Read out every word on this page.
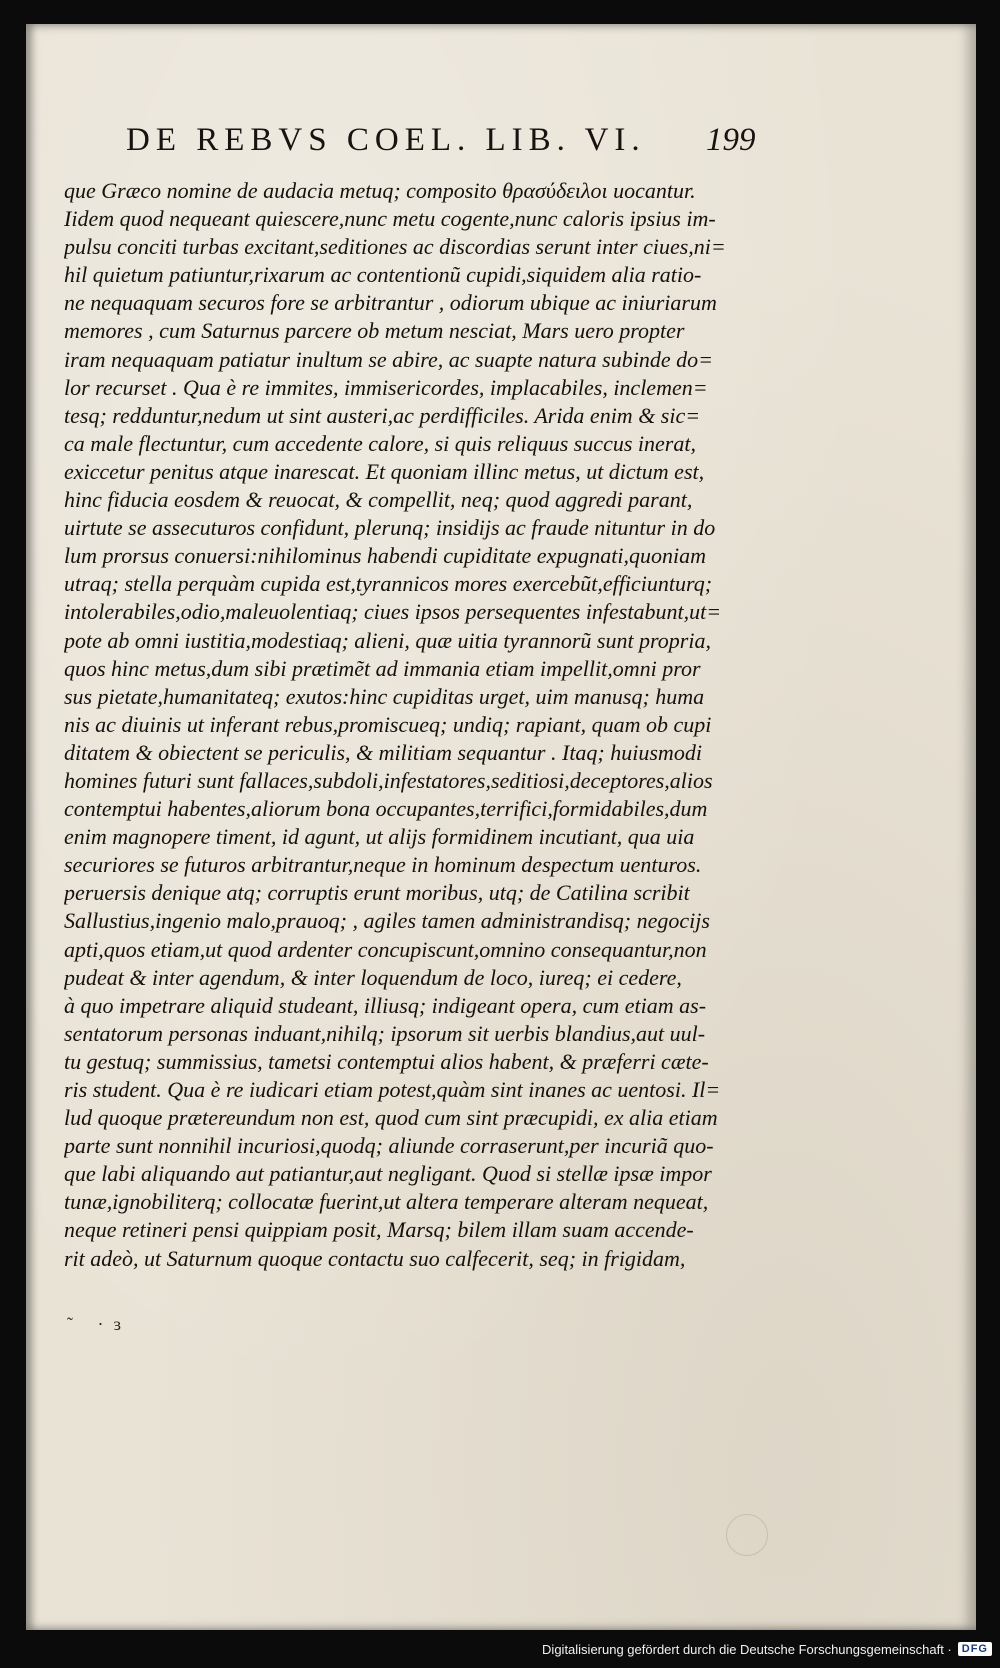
DE REBVS COEL. LIB. VI. 199
que Græco nomine de audacia metuq; composito θρασύδειλοι uocantur.
Iidem quod nequeant quiescere,nunc metu cogente,nunc caloris ipsius im-
pulsu conciti turbas excitant,seditiones ac discordias serunt inter ciues,ni=
hil quietum patiuntur,rixarum ac contentionũ cupidi,siquidem alia ratio-
ne nequaquam securos fore se arbitrantur , odiorum ubique ac iniuriarum
memores , cum Saturnus parcere ob metum nesciat, Mars uero propter
iram nequaquam patiatur inultum se abire, ac suapte natura subinde do=
lor recurset . Qua è re immites, immisericordes, implacabiles, inclemen=
tesq; redduntur,nedum ut sint austeri,ac perdifficiles. Arida enim & sic=
ca male flectuntur, cum accedente calore, si quis reliquus succus inerat,
exiccetur penitus atque inarescat. Et quoniam illinc metus, ut dictum est,
hinc fiducia eosdem & reuocat, & compellit, neq; quod aggredi parant,
uirtute se assecuturos confidunt, plerunq; insidijs ac fraude nituntur in do
lum prorsus conuersi:nihilominus habendi cupiditate expugnati,quoniam
utraq; stella perquàm cupida est,tyrannicos mores exercebũt,efficiunturq;
intolerabiles,odio,maleuolentiaq; ciues ipsos persequentes infestabunt,ut=
pote ab omni iustitia,modestiaq; alieni, quæ uitia tyrannorũ sunt propria,
quos hinc metus,dum sibi prætimẽt ad immania etiam impellit,omni pror
sus pietate,humanitateq; exutos:hinc cupiditas urget, uim manusq; huma
nis ac diuinis ut inferant rebus,promiscueq; undiq; rapiant, quam ob cupi
ditatem & obiectent se periculis, & militiam sequantur . Itaq; huiusmodi
homines futuri sunt fallaces,subdoli,infestatores,seditiosi,deceptores,alios
contemptui habentes,aliorum bona occupantes,terrifici,formidabiles,dum
enim magnopere timent, id agunt, ut alijs formidinem incutiant, qua uia
securiores se futuros arbitrantur,neque in hominum despectum uenturos.
peruersis denique atq; corruptis erunt moribus, utq; de Catilina scribit
Sallustius,ingenio malo,prauoq; , agiles tamen administrandisq; negocijs
apti,quos etiam,ut quod ardenter concupiscunt,omnino consequantur,non
pudeat & inter agendum, & inter loquendum de loco, iureq; ei cedere,
à quo impetrare aliquid studeant, illiusq; indigeant opera, cum etiam as-
sentatorum personas induant,nihilq; ipsorum sit uerbis blandius,aut uul-
tu gestuq; summissius, tametsi contemptui alios habent, & præferri cæte-
ris student. Qua è re iudicari etiam potest,quàm sint inanes ac uentosi. Il=
lud quoque prætereundum non est, quod cum sint præcupidi, ex alia etiam
parte sunt nonnihil incuriosi,quodq; aliunde corraserunt,per incuriã quo-
que labi aliquando aut patiantur,aut negligant. Quod si stellæ ipsæ impor
tunæ,ignobiliterq; collocatæ fuerint,ut altera temperare alteram nequeat,
neque retineri pensi quippiam posit, Marsq; bilem illam suam accende-
rit adeò, ut Saturnum quoque contactu suo calfecerit, seq; in frigidam,
˜ ·ɜ
Digitalisierung gefördert durch die Deutsche Forschungsgemeinschaft · DFG
